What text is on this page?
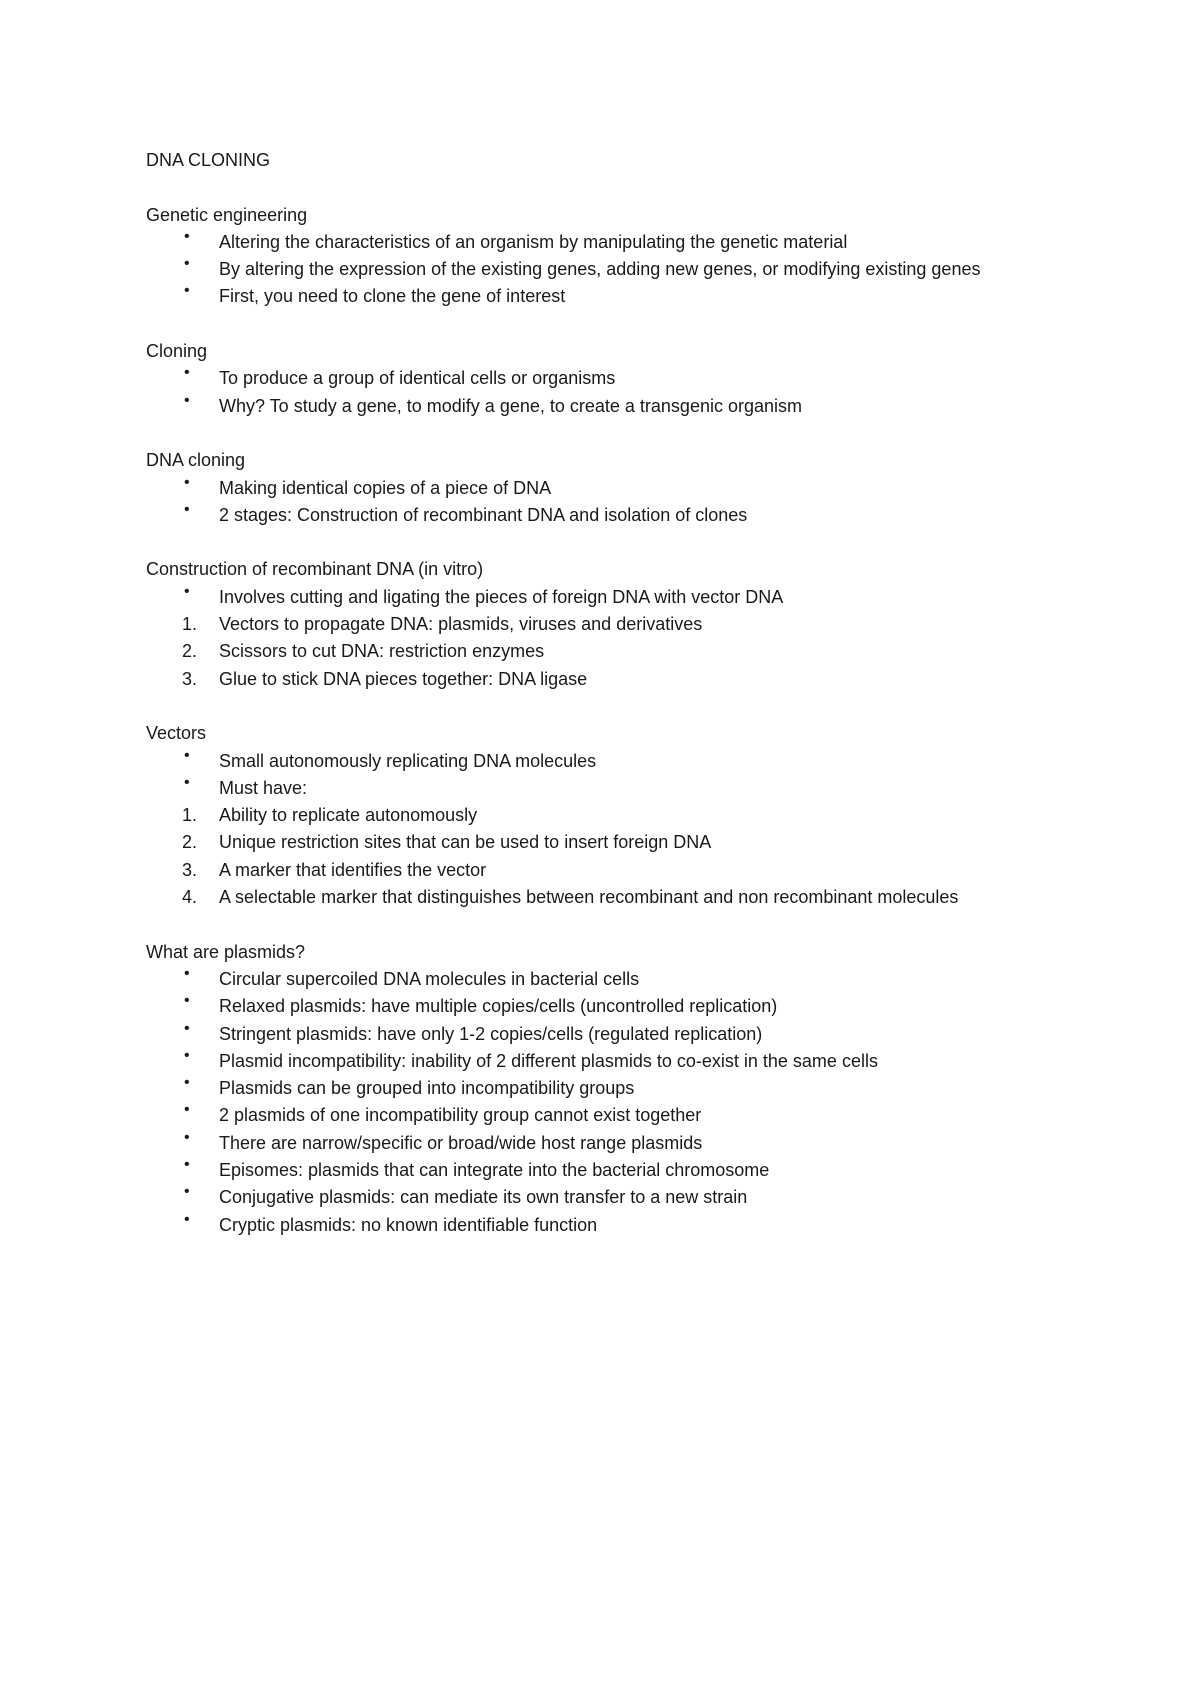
DNA CLONING

Genetic engineering

•	Altering the characteristics of an organism by manipulating the genetic material
•	By altering the expression of the existing genes, adding new genes, or modifying existing genes
•	First, you need to clone the gene of interest

Cloning

•	To produce a group of identical cells or organisms
•	Why? To study a gene, to modify a gene, to create a transgenic organism

DNA cloning

•	Making identical copies of a piece of DNA
•	2 stages: Construction of recombinant DNA and isolation of clones

Construction of recombinant DNA (in vitro)

•	Involves cutting and ligating the pieces of foreign DNA with vector DNA
1.	Vectors to propagate DNA: plasmids, viruses and derivatives
2.	Scissors to cut DNA: restriction enzymes
3.	Glue to stick DNA pieces together: DNA ligase

Vectors

•	Small autonomously replicating DNA molecules
•	Must have:
1.	Ability to replicate autonomously
2.	Unique restriction sites that can be used to insert foreign DNA
3.	A marker that identifies the vector
4.	A selectable marker that distinguishes between recombinant and non recombinant molecules

What are plasmids?

•	Circular supercoiled DNA molecules in bacterial cells
•	Relaxed plasmids: have multiple copies/cells (uncontrolled replication)
•	Stringent plasmids: have only 1-2 copies/cells (regulated replication)
•	Plasmid incompatibility: inability of 2 different plasmids to co-exist in the same cells
•	Plasmids can be grouped into incompatibility groups
•	2 plasmids of one incompatibility group cannot exist together
•	There are narrow/specific or broad/wide host range plasmids
•	Episomes: plasmids that can integrate into the bacterial chromosome
•	Conjugative plasmids: can mediate its own transfer to a new strain
•	Cryptic plasmids: no known identifiable function
